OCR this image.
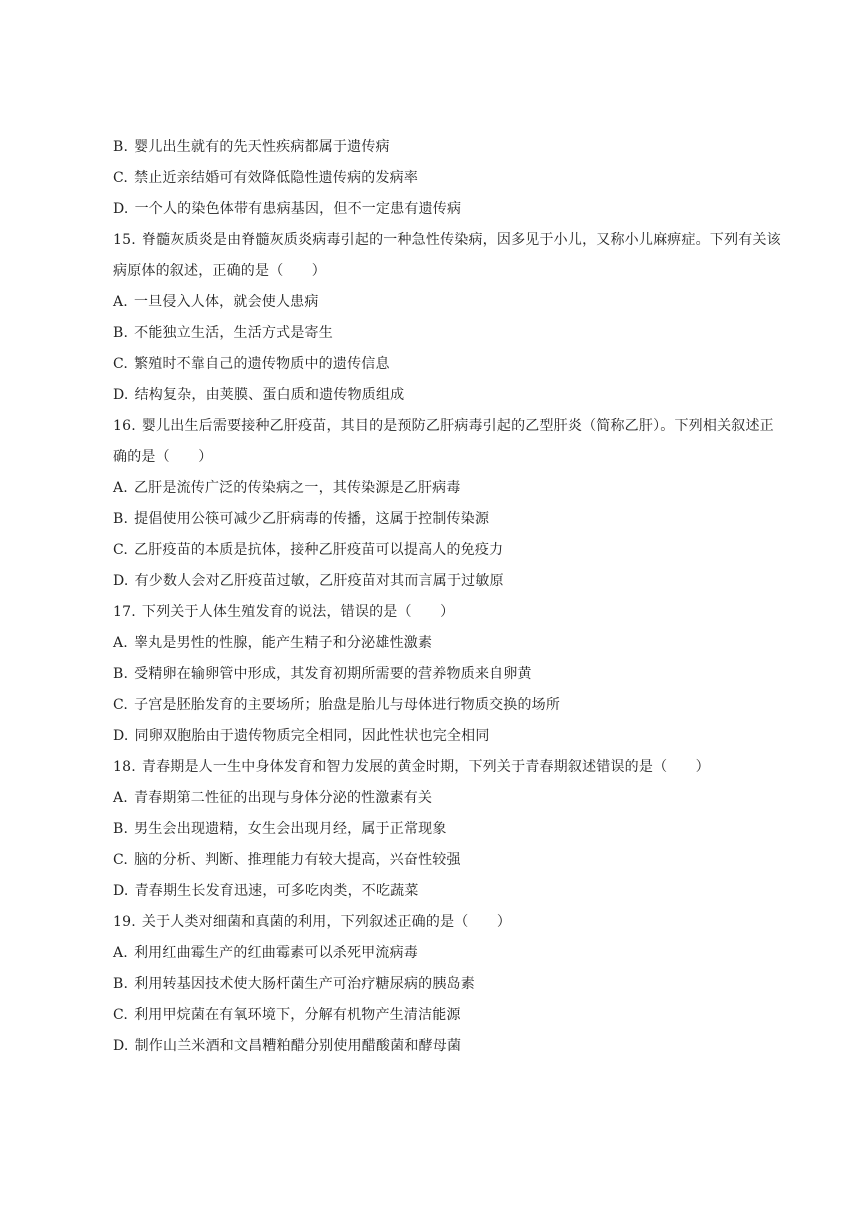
B. 婴儿出生就有的先天性疾病都属于遗传病
C. 禁止近亲结婚可有效降低隐性遗传病的发病率
D. 一个人的染色体带有患病基因，但不一定患有遗传病
15. 脊髓灰质炎是由脊髓灰质炎病毒引起的一种急性传染病，因多见于小儿，又称小儿麻痹症。下列有关该
病原体的叙述，正确的是（　　）
A. 一旦侵入人体，就会使人患病
B. 不能独立生活，生活方式是寄生
C. 繁殖时不靠自己的遗传物质中的遗传信息
D. 结构复杂，由荚膜、蛋白质和遗传物质组成
16. 婴儿出生后需要接种乙肝疫苗，其目的是预防乙肝病毒引起的乙型肝炎（简称乙肝）。下列相关叙述正
确的是（　　）
A. 乙肝是流传广泛的传染病之一，其传染源是乙肝病毒
B. 提倡使用公筷可减少乙肝病毒的传播，这属于控制传染源
C. 乙肝疫苗的本质是抗体，接种乙肝疫苗可以提高人的免疫力
D. 有少数人会对乙肝疫苗过敏，乙肝疫苗对其而言属于过敏原
17. 下列关于人体生殖发育的说法，错误的是（　　）
A. 睾丸是男性的性腺，能产生精子和分泌雄性激素
B. 受精卵在输卵管中形成，其发育初期所需要的营养物质来自卵黄
C. 子宫是胚胎发育的主要场所；胎盘是胎儿与母体进行物质交换的场所
D. 同卵双胞胎由于遗传物质完全相同，因此性状也完全相同
18. 青春期是人一生中身体发育和智力发展的黄金时期，下列关于青春期叙述错误的是（　　）
A. 青春期第二性征的出现与身体分泌的性激素有关
B. 男生会出现遗精，女生会出现月经，属于正常现象
C. 脑的分析、判断、推理能力有较大提高，兴奋性较强
D. 青春期生长发育迅速，可多吃肉类，不吃蔬菜
19. 关于人类对细菌和真菌的利用，下列叙述正确的是（　　）
A. 利用红曲霉生产的红曲霉素可以杀死甲流病毒
B. 利用转基因技术使大肠杆菌生产可治疗糖尿病的胰岛素
C. 利用甲烷菌在有氧环境下，分解有机物产生清洁能源
D. 制作山兰米酒和文昌糟粕醋分别使用醋酸菌和酵母菌
